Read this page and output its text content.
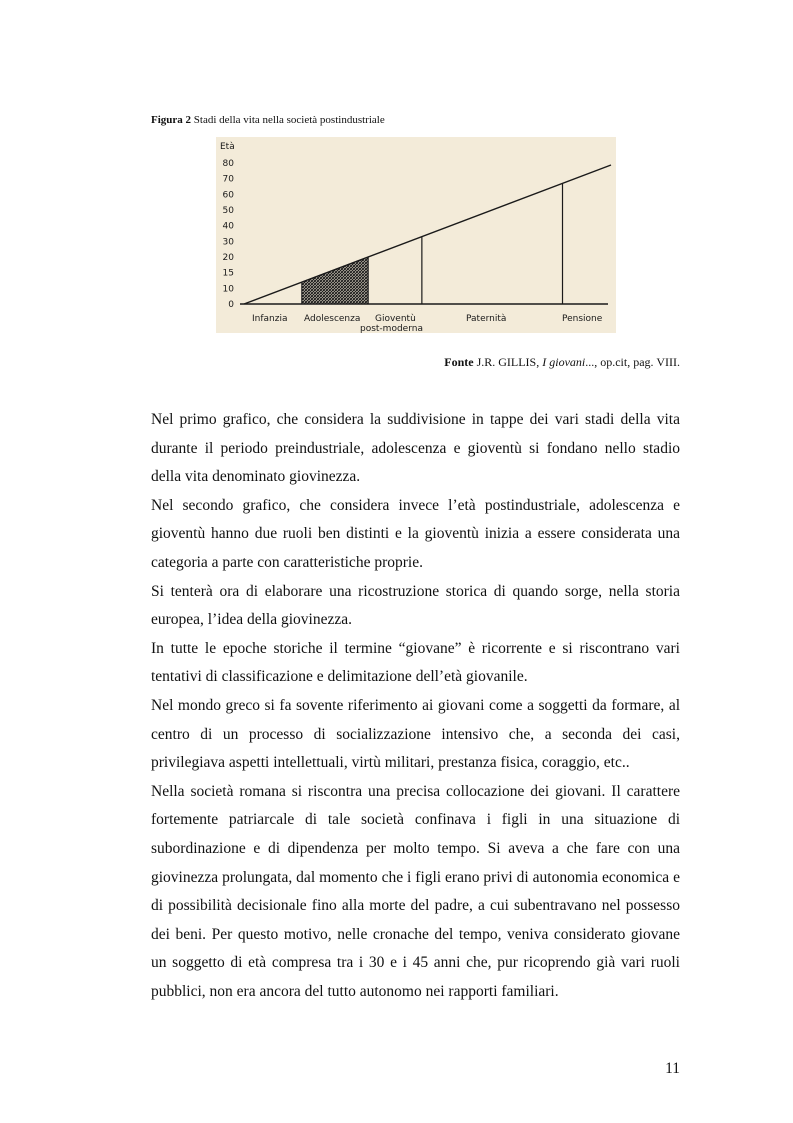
Figura 2 Stadi della vita nella società postindustriale
Età
0
10
15
20
30
40
50
60
70
80
Infanzia Adolescenza Gioventù
post-moderna
Paternità	Pensione
Fonte J.R. GILLIS, I giovani..., op.cit, pag. VIII.

Nel primo grafico, che considera la suddivisione in tappe dei vari stadi della vita durante il periodo preindustriale, adolescenza e gioventù si fondano nello stadio della vita denominato giovinezza.

Nel secondo grafico, che considera invece l’età postindustriale, adolescenza e gioventù hanno due ruoli ben distinti e la gioventù inizia a essere considerata una categoria a parte con caratteristiche proprie.

Si tenterà ora di elaborare una ricostruzione storica di quando sorge, nella storia europea, l’idea della giovinezza.

In tutte le epoche storiche il termine “giovane” è ricorrente e si riscontrano vari tentativi di classificazione e delimitazione dell’età giovanile.

Nel mondo greco si fa sovente riferimento ai giovani come a soggetti da formare, al centro di un processo di socializzazione intensivo che, a seconda dei casi, privilegiava aspetti intellettuali, virtù militari, prestanza fisica, coraggio, etc..

Nella società romana si riscontra una precisa collocazione dei giovani. Il carattere fortemente patriarcale di tale società confinava i figli in una situazione di subordinazione e di dipendenza per molto tempo. Si aveva a che fare con una giovinezza prolungata, dal momento che i figli erano privi di autonomia economica e di possibilità decisionale fino alla morte del padre, a cui subentravano nel possesso dei beni. Per questo motivo, nelle cronache del tempo, veniva considerato giovane un soggetto di età compresa tra i 30 e i 45 anni che, pur ricoprendo già vari ruoli pubblici, non era ancora del tutto autonomo nei rapporti familiari.

11
